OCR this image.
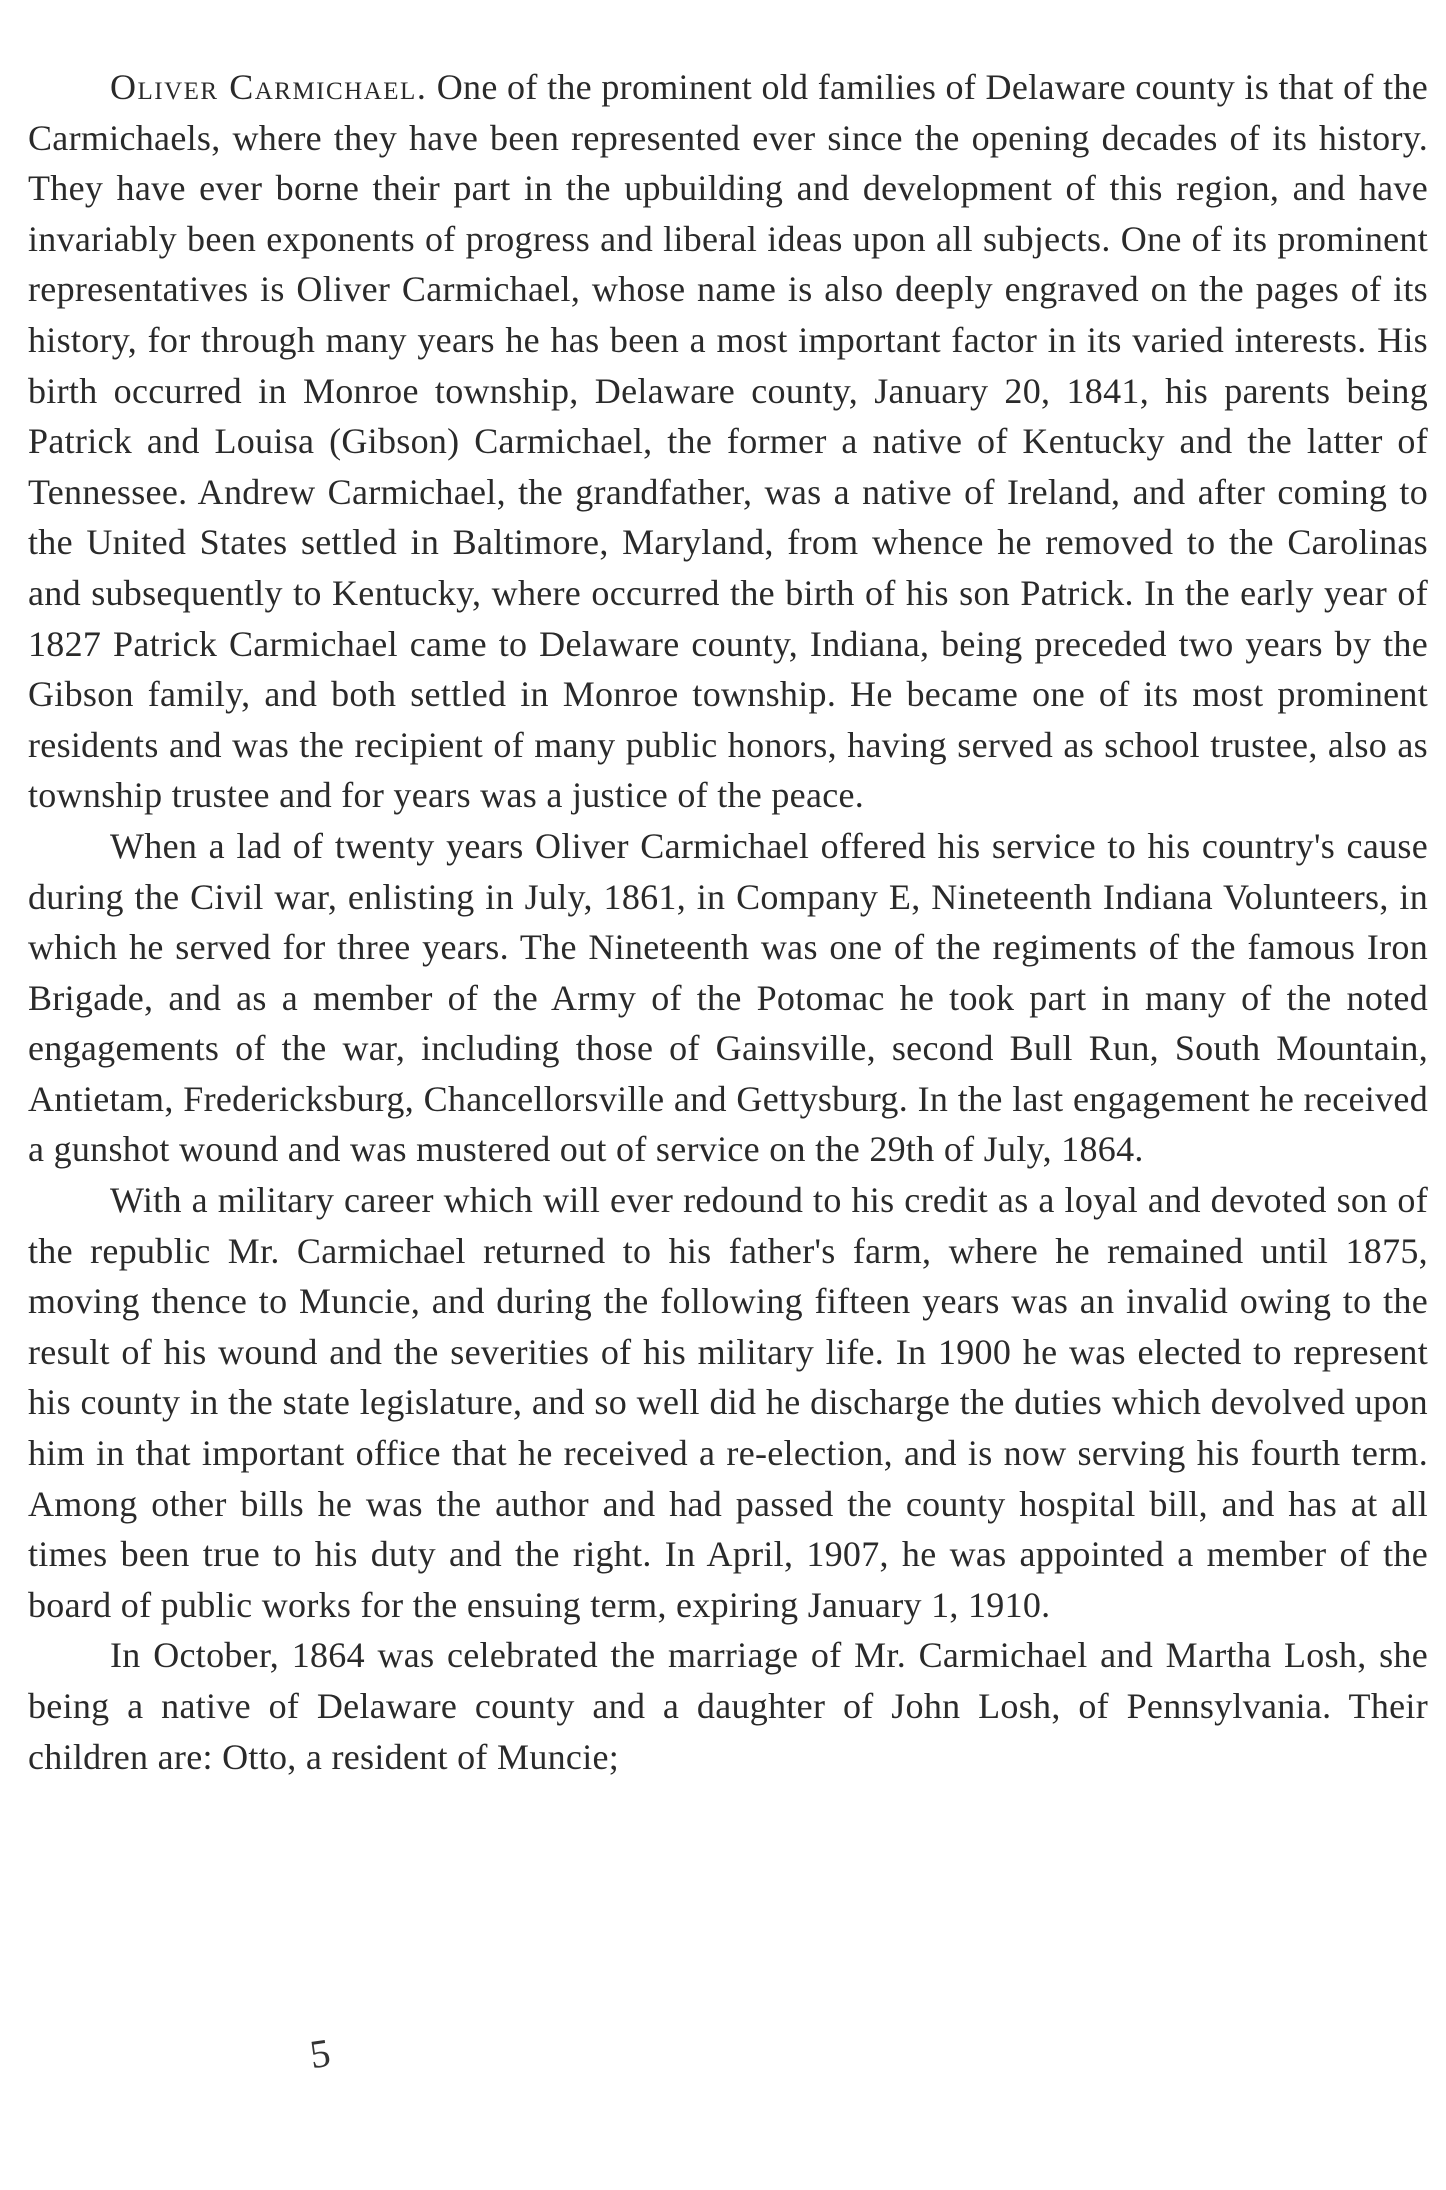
Oliver Carmichael. One of the prominent old families of Delaware county is that of the Carmichaels, where they have been represented ever since the opening decades of its history. They have ever borne their part in the upbuilding and development of this region, and have invariably been exponents of progress and liberal ideas upon all subjects. One of its prominent representatives is Oliver Carmichael, whose name is also deeply engraved on the pages of its history, for through many years he has been a most important factor in its varied interests. His birth occurred in Monroe township, Delaware county, January 20, 1841, his parents being Patrick and Louisa (Gibson) Carmichael, the former a native of Kentucky and the latter of Tennessee. Andrew Carmichael, the grandfather, was a native of Ireland, and after coming to the United States settled in Baltimore, Maryland, from whence he removed to the Carolinas and subsequently to Kentucky, where occurred the birth of his son Patrick. In the early year of 1827 Patrick Carmichael came to Delaware county, Indiana, being preceded two years by the Gibson family, and both settled in Monroe township. He became one of its most prominent residents and was the recipient of many public honors, having served as school trustee, also as township trustee and for years was a justice of the peace.

When a lad of twenty years Oliver Carmichael offered his service to his country's cause during the Civil war, enlisting in July, 1861, in Company E, Nineteenth Indiana Volunteers, in which he served for three years. The Nineteenth was one of the regiments of the famous Iron Brigade, and as a member of the Army of the Potomac he took part in many of the noted engagements of the war, including those of Gainsville, second Bull Run, South Mountain, Antietam, Fredericksburg, Chancellorsville and Gettysburg. In the last engagement he received a gunshot wound and was mustered out of service on the 29th of July, 1864.

With a military career which will ever redound to his credit as a loyal and devoted son of the republic Mr. Carmichael returned to his father's farm, where he remained until 1875, moving thence to Muncie, and during the following fifteen years was an invalid owing to the result of his wound and the severities of his military life. In 1900 he was elected to represent his county in the state legislature, and so well did he discharge the duties which devolved upon him in that important office that he received a re-election, and is now serving his fourth term. Among other bills he was the author and had passed the county hospital bill, and has at all times been true to his duty and the right. In April, 1907, he was appointed a member of the board of public works for the ensuing term, expiring January 1, 1910.

In October, 1864 was celebrated the marriage of Mr. Carmichael and Martha Losh, she being a native of Delaware county and a daughter of John Losh, of Pennsylvania. Their children are: Otto, a resident of Muncie;

5
